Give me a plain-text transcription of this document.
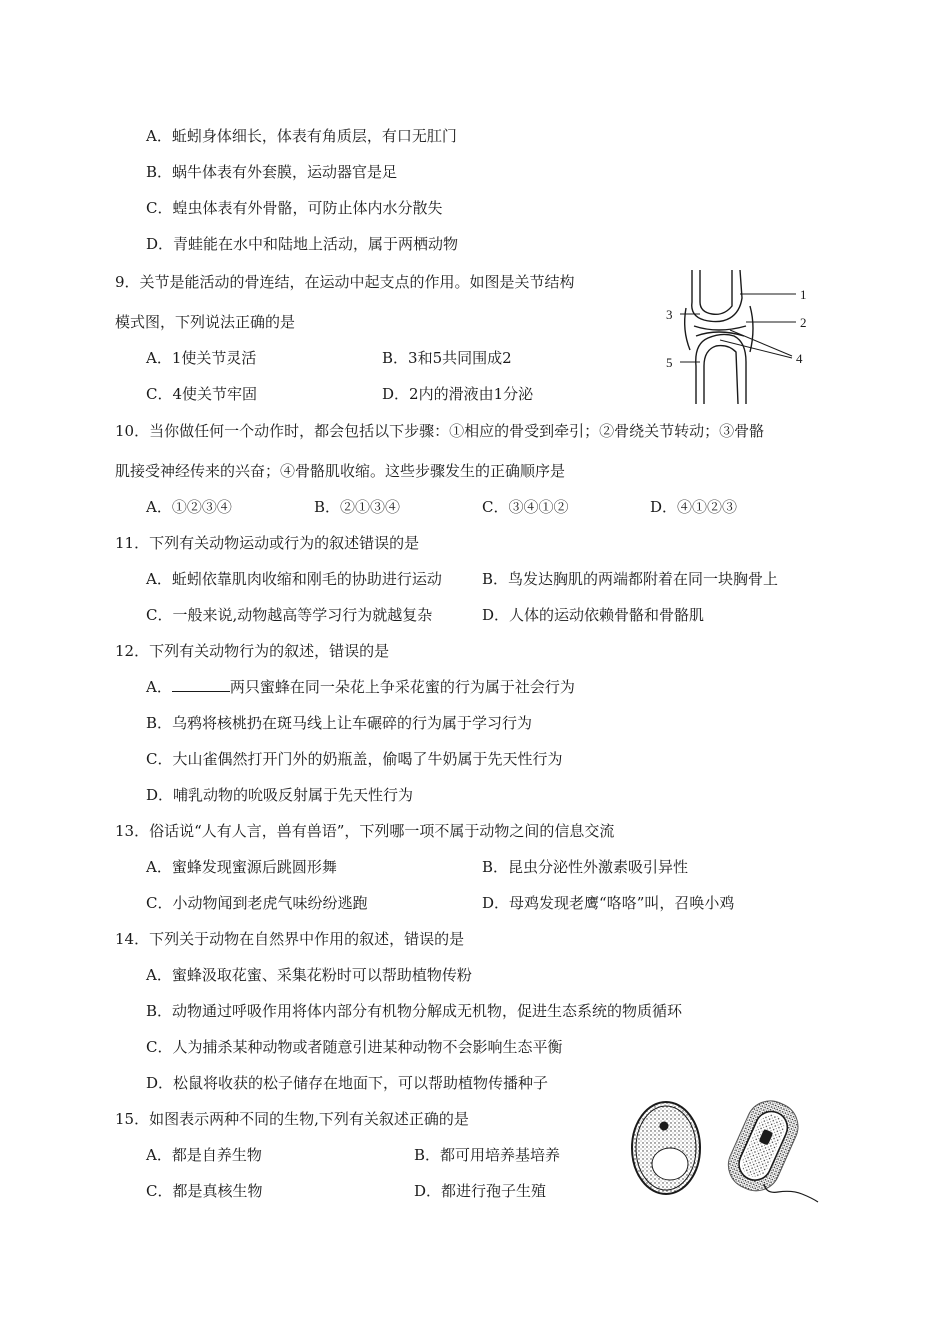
A．蚯蚓身体细长，体表有角质层，有口无肛门
B．蜗牛体表有外套膜，运动器官是足
C．蝗虫体表有外骨骼，可防止体内水分散失
D．青蛙能在水中和陆地上活动，属于两栖动物
9．关节是能活动的骨连结，在运动中起支点的作用。如图是关节结构
模式图，下列说法正确的是
A．1使关节灵活	B．3和5共同围成2
C．4使关节牢固	D．2内的滑液由1分泌
1
2
3
4
5
10．当你做任何一个动作时，都会包括以下步骤：①相应的骨受到牵引；②骨绕关节转动；③骨骼
肌接受神经传来的兴奋；④骨骼肌收缩。这些步骤发生的正确顺序是
A．①②③④	B．②①③④	C．③④①②	D．④①②③
11．下列有关动物运动或行为的叙述错误的是
A．蚯蚓依靠肌肉收缩和刚毛的协助进行运动	B．鸟发达胸肌的两端都附着在同一块胸骨上
C．一般来说,动物越高等学习行为就越复杂	D．人体的运动依赖骨骼和骨骼肌
12．下列有关动物行为的叙述，错误的是
A．	两只蜜蜂在同一朵花上争采花蜜的行为属于社会行为
B．乌鸦将核桃扔在斑马线上让车碾碎的行为属于学习行为
C．大山雀偶然打开门外的奶瓶盖，偷喝了牛奶属于先天性行为
D．哺乳动物的吮吸反射属于先天性行为
13．俗话说“人有人言，兽有兽语”，下列哪一项不属于动物之间的信息交流
A．蜜蜂发现蜜源后跳圆形舞	B．昆虫分泌性外激素吸引异性
C．小动物闻到老虎气味纷纷逃跑	D．母鸡发现老鹰“咯咯”叫，召唤小鸡
14．下列关于动物在自然界中作用的叙述，错误的是
A．蜜蜂汲取花蜜、采集花粉时可以帮助植物传粉
B．动物通过呼吸作用将体内部分有机物分解成无机物，促进生态系统的物质循环
C．人为捕杀某种动物或者随意引进某种动物不会影响生态平衡
D．松鼠将收获的松子储存在地面下，可以帮助植物传播种子
15．如图表示两种不同的生物,下列有关叙述正确的是
A．都是自养生物	B．都可用培养基培养
C．都是真核生物	D．都进行孢子生殖
